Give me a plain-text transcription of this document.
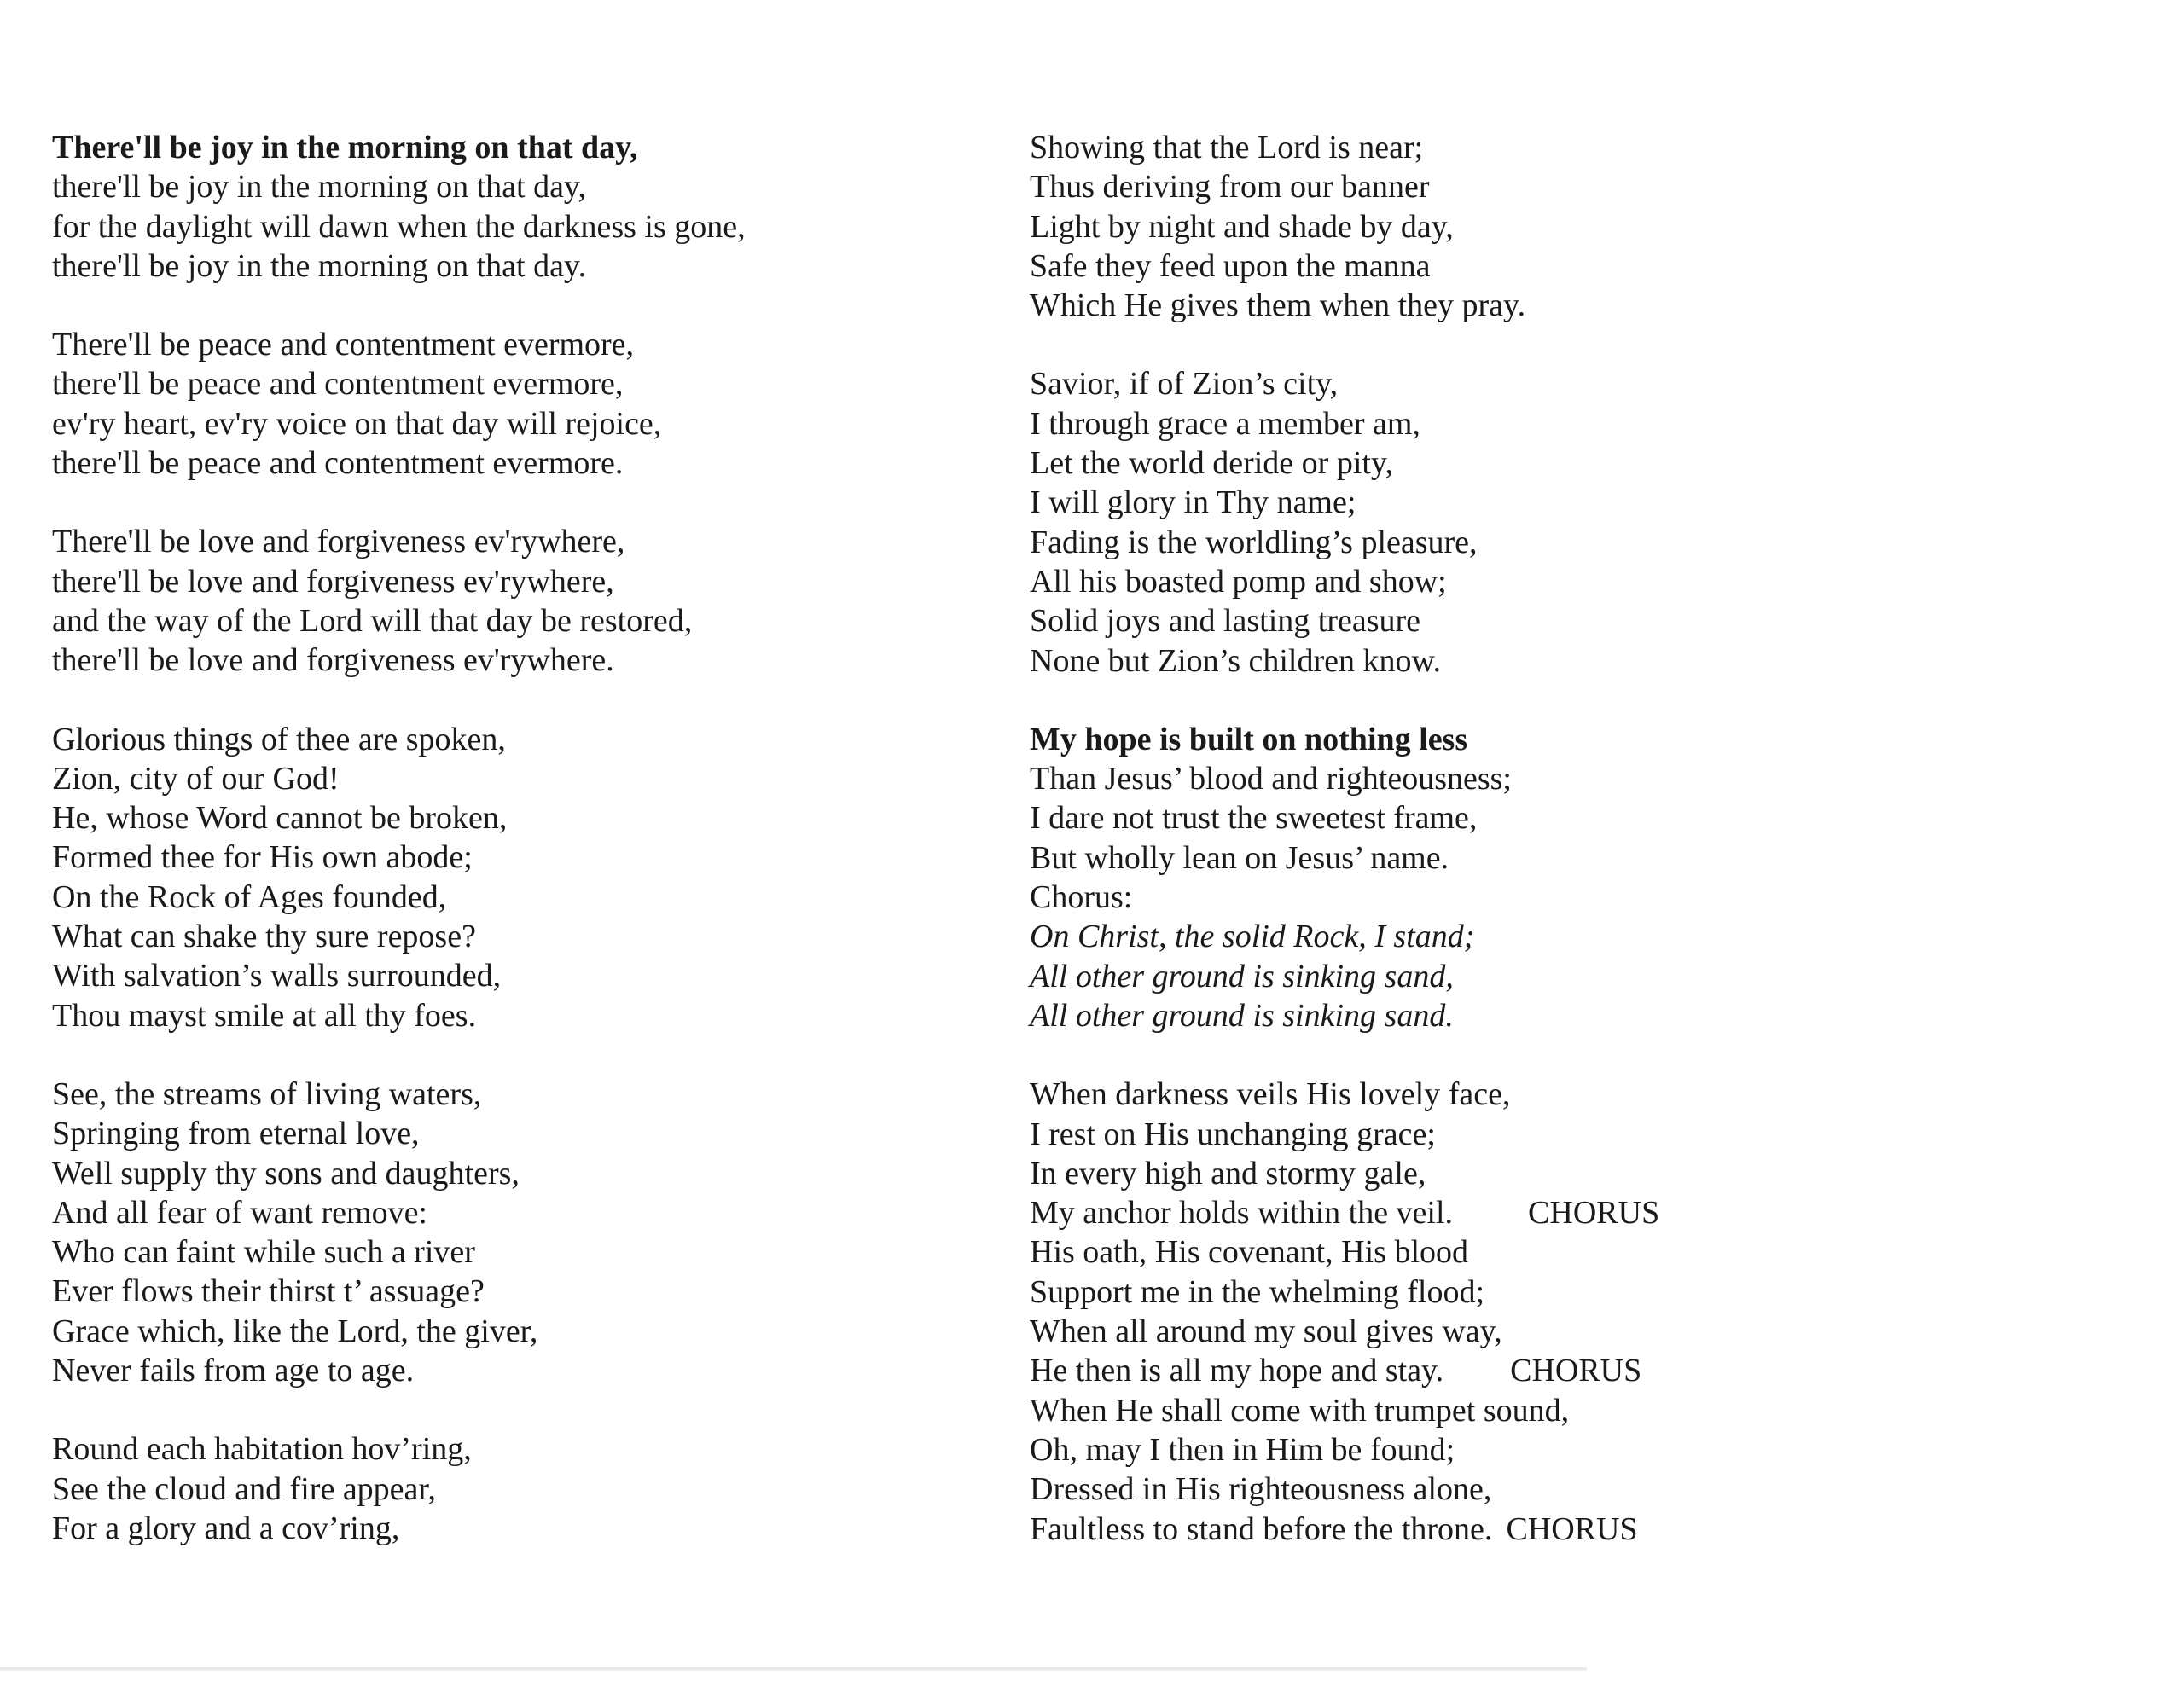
There'll be joy in the morning on that day,
there'll be joy in the morning on that day,
for the daylight will dawn when the darkness is gone,
there'll be joy in the morning on that day.
There'll be peace and contentment evermore,
there'll be peace and contentment evermore,
ev'ry heart, ev'ry voice on that day will rejoice,
there'll be peace and contentment evermore.
There'll be love and forgiveness ev'rywhere,
there'll be love and forgiveness ev'rywhere,
and the way of the Lord will that day be restored,
there'll be love and forgiveness ev'rywhere.
Glorious things of thee are spoken,
Zion, city of our God!
He, whose Word cannot be broken,
Formed thee for His own abode;
On the Rock of Ages founded,
What can shake thy sure repose?
With salvation’s walls surrounded,
Thou mayst smile at all thy foes.
See, the streams of living waters,
Springing from eternal love,
Well supply thy sons and daughters,
And all fear of want remove:
Who can faint while such a river
Ever flows their thirst t’ assuage?
Grace which, like the Lord, the giver,
Never fails from age to age.
Round each habitation hov’ring,
See the cloud and fire appear,
For a glory and a cov’ring,
Showing that the Lord is near;
Thus deriving from our banner
Light by night and shade by day,
Safe they feed upon the manna
Which He gives them when they pray.
Savior, if of Zion’s city,
I through grace a member am,
Let the world deride or pity,
I will glory in Thy name;
Fading is the worldling’s pleasure,
All his boasted pomp and show;
Solid joys and lasting treasure
None but Zion’s children know.
My hope is built on nothing less
Than Jesus’ blood and righteousness;
I dare not trust the sweetest frame,
But wholly lean on Jesus’ name.
Chorus:
On Christ, the solid Rock, I stand;
All other ground is sinking sand,
All other ground is sinking sand.
When darkness veils His lovely face,
I rest on His unchanging grace;
In every high and stormy gale,
My anchor holds within the veil. CHORUS
His oath, His covenant, His blood
Support me in the whelming flood;
When all around my soul gives way,
He then is all my hope and stay. CHORUS
When He shall come with trumpet sound,
Oh, may I then in Him be found;
Dressed in His righteousness alone,
Faultless to stand before the throne. CHORUS
